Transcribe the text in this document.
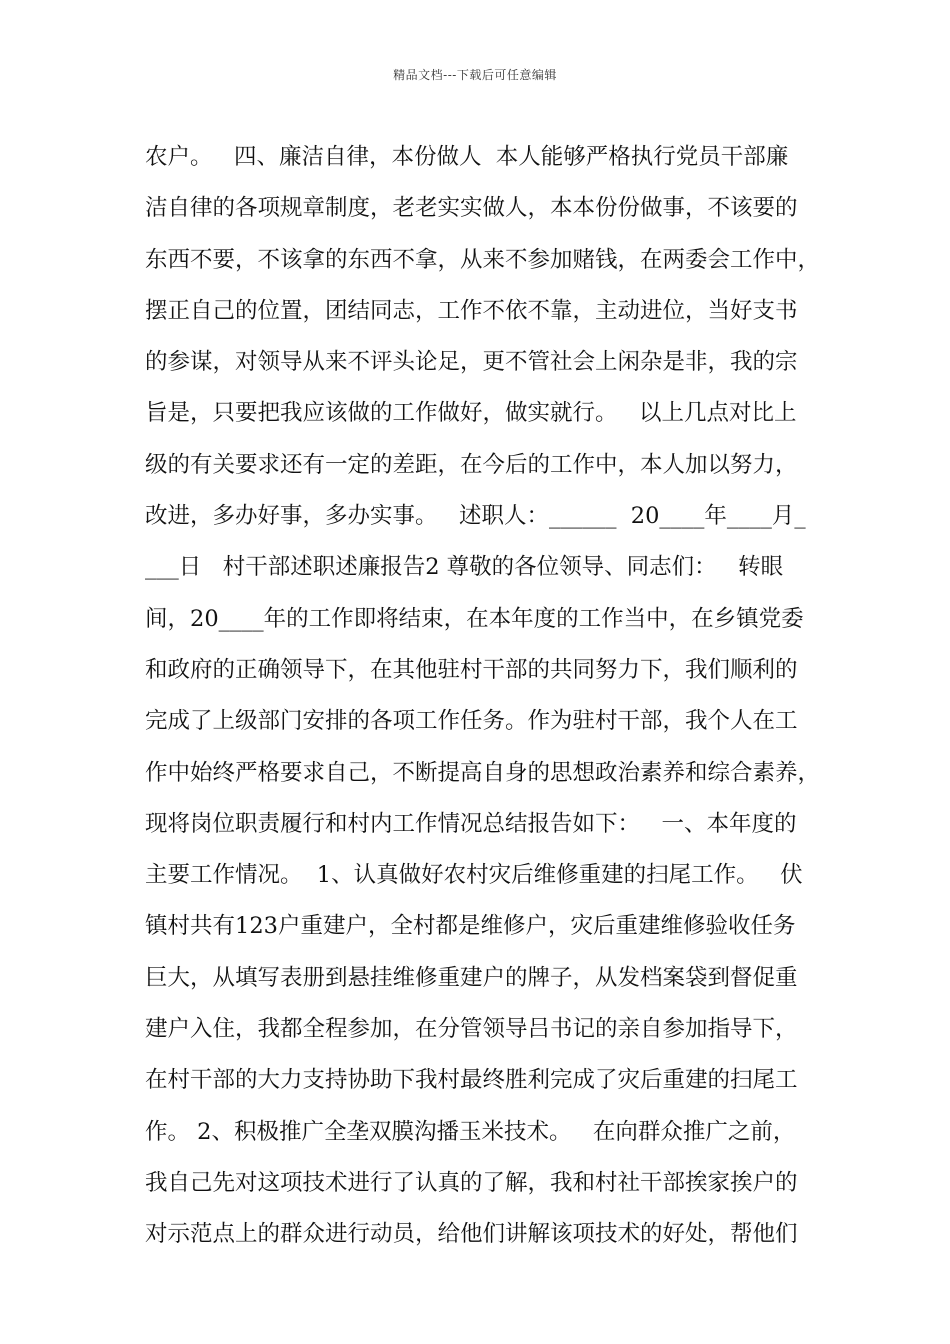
精品文档---下载后可任意编辑
农户。   四、廉洁自律，本份做人  本人能够严格执行党员干部廉
洁自律的各项规章制度，老老实实做人，本本份份做事，不该要的
东西不要，不该拿的东西不拿，从来不参加赌钱，在两委会工作中，
摆正自己的位置，团结同志，工作不依不靠，主动进位，当好支书
的参谋，对领导从来不评头论足，更不管社会上闲杂是非，我的宗
旨是，只要把我应该做的工作做好，做实就行。   以上几点对比上
级的有关要求还有一定的差距，在今后的工作中，本人加以努力，
改进，多办好事，多办实事。   述职人：______  20____年____月_
___日   村干部述职述廉报告2 尊敬的各位领导、同志们：   转眼
间，20____年的工作即将结束，在本年度的工作当中，在乡镇党委
和政府的正确领导下，在其他驻村干部的共同努力下，我们顺利的
完成了上级部门安排的各项工作任务。作为驻村干部，我个人在工
作中始终严格要求自己，不断提高自身的思想政治素养和综合素养，
现将岗位职责履行和村内工作情况总结报告如下：   一、本年度的
主要工作情况。  1、认真做好农村灾后维修重建的扫尾工作。   伏
镇村共有123户重建户，全村都是维修户，灾后重建维修验收任务
巨大，从填写表册到悬挂维修重建户的牌子，从发档案袋到督促重
建户入住，我都全程参加，在分管领导吕书记的亲自参加指导下，
在村干部的大力支持协助下我村最终胜利完成了灾后重建的扫尾工
作。 2、积极推广全垄双膜沟播玉米技术。   在向群众推广之前，
我自己先对这项技术进行了认真的了解，我和村社干部挨家挨户的
对示范点上的群众进行动员，给他们讲解该项技术的好处，帮他们
